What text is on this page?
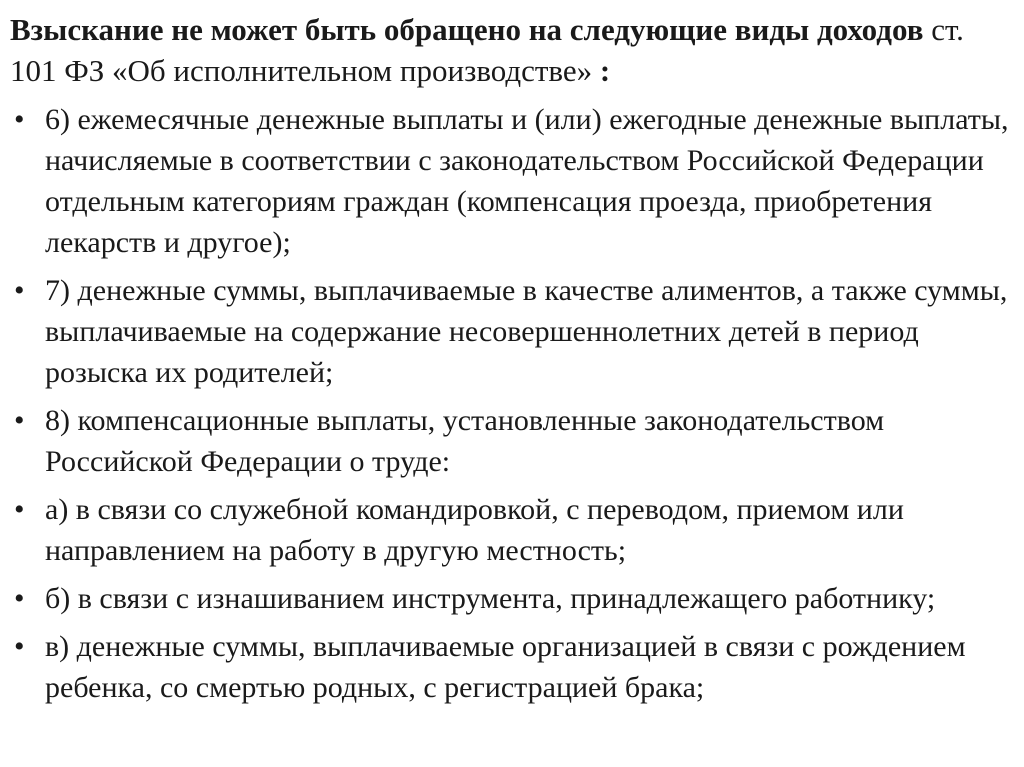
Взыскание не может быть обращено на следующие виды доходов ст. 101 ФЗ «Об исполнительном производстве» :
• 6) ежемесячные денежные выплаты и (или) ежегодные денежные выплаты, начисляемые в соответствии с законодательством Российской Федерации отдельным категориям граждан (компенсация проезда, приобретения лекарств и другое);
• 7) денежные суммы, выплачиваемые в качестве алиментов, а также суммы, выплачиваемые на содержание несовершеннолетних детей в период розыска их родителей;
• 8) компенсационные выплаты, установленные законодательством Российской Федерации о труде:
• а) в связи со служебной командировкой, с переводом, приемом или направлением на работу в другую местность;
• б) в связи с изнашиванием инструмента, принадлежащего работнику;
• в) денежные суммы, выплачиваемые организацией в связи с рождением ребенка, со смертью родных, с регистрацией брака;
